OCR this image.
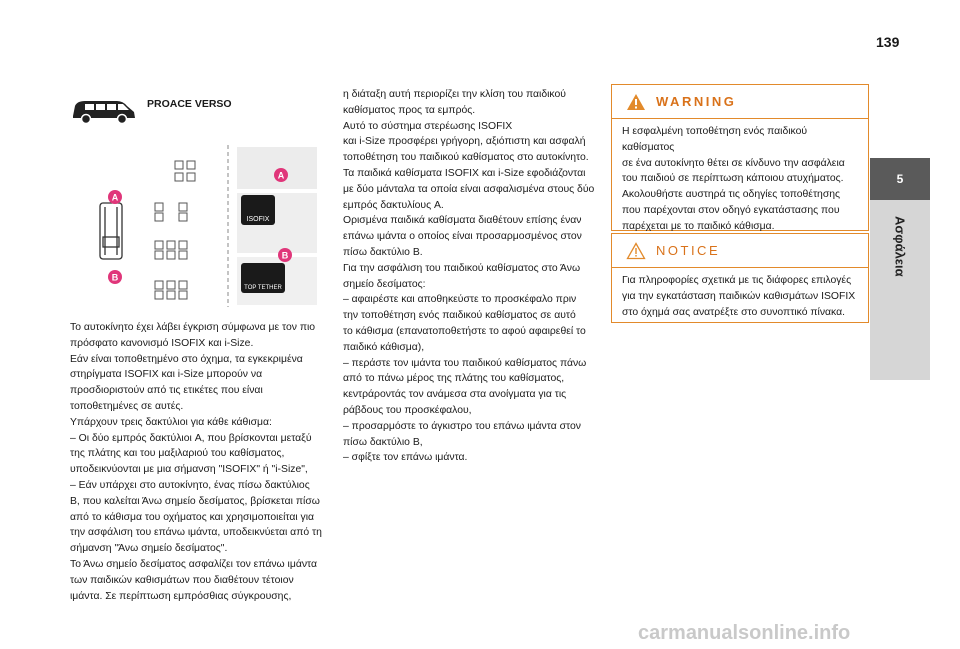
139
5
Ασφάλεια
PROACE VERSO
ISOFIX
TOP TETHER
A
B
A
B

Το αυτοκίνητο έχει λάβει έγκριση σύμφωνα με τον πιο

πρόσφατο κανονισμό ISOFIX και i-Size.

Εάν είναι τοποθετημένο στο όχημα, τα εγκεκριμένα

στηρίγματα ISOFIX και i-Size μπορούν να

προσδιοριστούν από τις ετικέτες που είναι

τοποθετημένες σε αυτές.

Υπάρχουν τρεις δακτύλιοι για κάθε κάθισμα:

– Οι δύο εμπρός δακτύλιοι A, που βρίσκονται μεταξύ

της πλάτης και του μαξιλαριού του καθίσματος,

υποδεικνύονται με μια σήμανση "ISOFIX" ή "i-Size",

– Εάν υπάρχει στο αυτοκίνητο, ένας πίσω δακτύλιος

B, που καλείται Άνω σημείο δεσίματος, βρίσκεται πίσω

από το κάθισμα του οχήματος και χρησιμοποιείται για

την ασφάλιση του επάνω ιμάντα, υποδεικνύεται από τη

σήμανση "Άνω σημείο δεσίματος".

Το Άνω σημείο δεσίματος ασφαλίζει τον επάνω ιμάντα

των παιδικών καθισμάτων που διαθέτουν τέτοιον

ιμάντα. Σε περίπτωση εμπρόσθιας σύγκρουσης,

η διάταξη αυτή περιορίζει την κλίση του παιδικού

καθίσματος προς τα εμπρός.

Αυτό το σύστημα στερέωσης ISOFIX

και i-Size προσφέρει γρήγορη, αξιόπιστη και ασφαλή

τοποθέτηση του παιδικού καθίσματος στο αυτοκίνητο.

Τα παιδικά καθίσματα ISOFIX και i-Size εφοδιάζονται

με δύο μάνταλα τα οποία είναι ασφαλισμένα στους δύο

εμπρός δακτυλίους A.

Ορισμένα παιδικά καθίσματα διαθέτουν επίσης έναν

επάνω ιμάντα ο οποίος είναι προσαρμοσμένος στον

πίσω δακτύλιο B.

Για την ασφάλιση του παιδικού καθίσματος στο Άνω

σημείο δεσίματος:

– αφαιρέστε και αποθηκεύστε το προσκέφαλο πριν

την τοποθέτηση ενός παιδικού καθίσματος σε αυτό

το κάθισμα (επανατοποθετήστε το αφού αφαιρεθεί το

παιδικό κάθισμα),

– περάστε τον ιμάντα του παιδικού καθίσματος πάνω

από το πάνω μέρος της πλάτης του καθίσματος,

κεντράροντάς τον ανάμεσα στα ανοίγματα για τις

ράβδους του προσκέφαλου,

– προσαρμόστε το άγκιστρο του επάνω ιμάντα στον

πίσω δακτύλιο B,

– σφίξτε τον επάνω ιμάντα.

WARNING
Η εσφαλμένη τοποθέτηση ενός παιδικού καθίσματος
σε ένα αυτοκίνητο θέτει σε κίνδυνο την ασφάλεια
του παιδιού σε περίπτωση κάποιου ατυχήματος.
Ακολουθήστε αυστηρά τις οδηγίες τοποθέτησης
που παρέχονται στον οδηγό εγκατάστασης που
παρέχεται με το παιδικό κάθισμα.
NOTICE
Για πληροφορίες σχετικά με τις διάφορες επιλογές
για την εγκατάσταση παιδικών καθισμάτων ISOFIX
στο όχημά σας ανατρέξτε στο συνοπτικό πίνακα.
carmanualsonline.info
